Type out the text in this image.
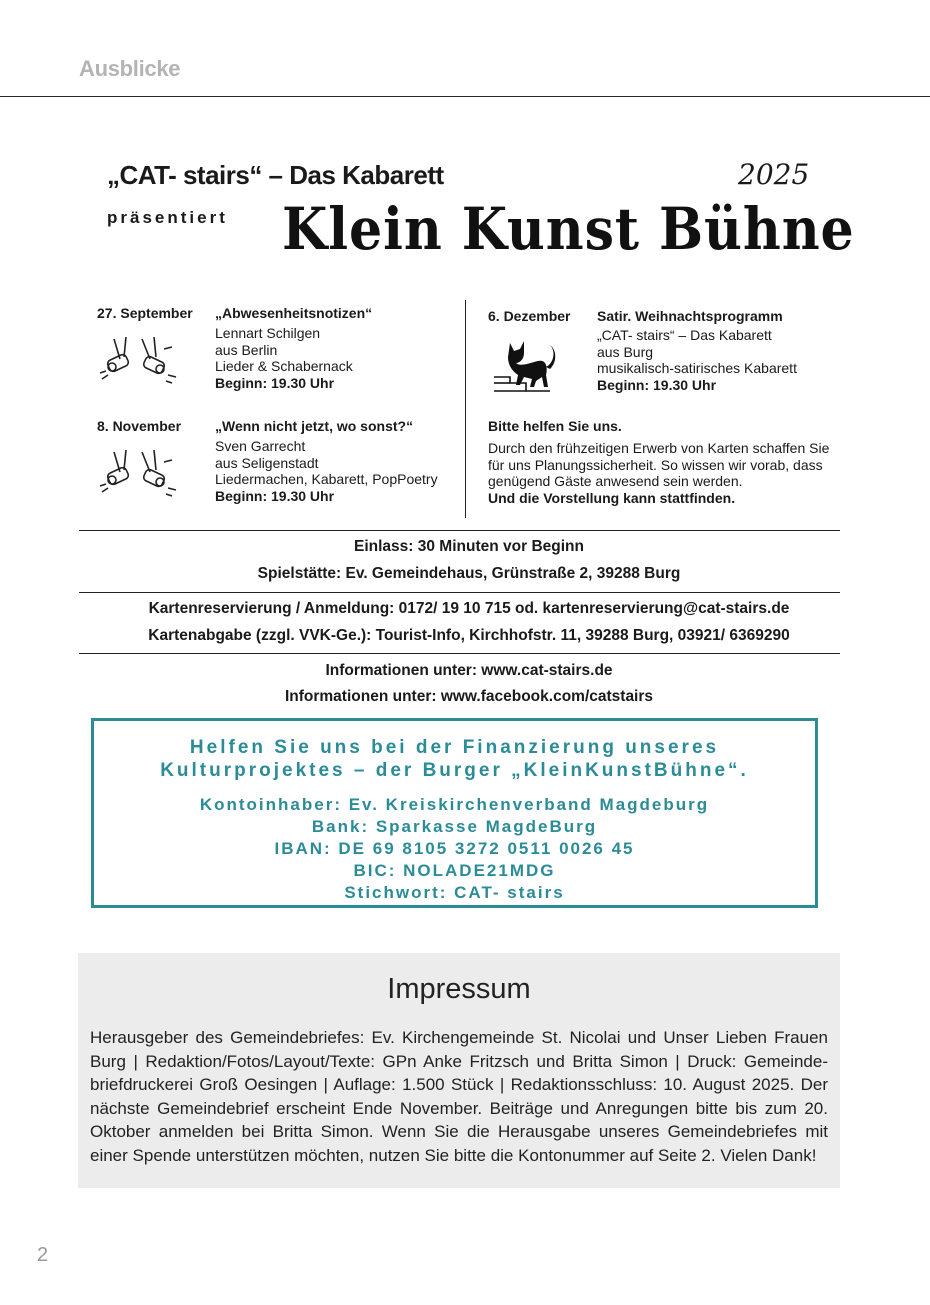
Ausblicke
„CAT- stairs“ – Das Kabarett	2025
präsentiert Klein Kunst Bühne
27. September „Abwesenheitsnotizen“
Lennart Schilgen
aus Berlin
Lieder & Schabernack
Beginn: 19.30 Uhr
8. November „Wenn nicht jetzt, wo sonst?“
Sven Garrecht
aus Seligenstadt
Liedermachen, Kabarett, PopPoetry
Beginn: 19.30 Uhr
6. Dezember Satir. Weihnachtsprogramm
„CAT- stairs“ – Das Kabarett
aus Burg
musikalisch-satirisches Kabarett
Beginn: 19.30 Uhr
Bitte helfen Sie uns.
Durch den frühzeitigen Erwerb von Karten schaffen Sie für uns Planungssicherheit. So wissen wir vorab, dass genügend Gäste anwesend sein werden.
Und die Vorstellung kann stattfinden.
Einlass: 30 Minuten vor Beginn
Spielstätte: Ev. Gemeindehaus, Grünstraße 2, 39288 Burg
Kartenreservierung / Anmeldung: 0172/ 19 10 715 od. kartenreservierung@cat-stairs.de
Kartenabgabe (zzgl. VVK-Ge.): Tourist-Info, Kirchhofstr. 11, 39288 Burg, 03921/ 6369290
Informationen unter: www.cat-stairs.de
Informationen unter: www.facebook.com/catstairs
Helfen Sie uns bei der Finanzierung unseres
Kulturprojektes – der Burger „KleinKunstBühne“.
Kontoinhaber: Ev. Kreiskirchenverband Magdeburg
Bank: Sparkasse MagdeBurg
IBAN: DE 69 8105 3272 0511 0026 45
BIC: NOLADE21MDG
Stichwort: CAT- stairs
Impressum
Herausgeber des Gemeindebriefes: Ev. Kirchengemeinde St. Nicolai und Unser Lieben Frauen Burg | Redaktion/Fotos/Layout/Texte: GPn Anke Fritzsch und Britta Simon | Druck: Gemeinde-briefdruckerei Groß Oesingen | Auflage: 1.500 Stück | Redaktionsschluss: 10. August 2025. Der nächste Gemeindebrief erscheint Ende November. Beiträge und Anregungen bitte bis zum 20. Oktober anmelden bei Britta Simon. Wenn Sie die Herausgabe unseres Gemeindebriefes mit einer Spende unterstützen möchten, nutzen Sie bitte die Kontonummer auf Seite 2. Vielen Dank!
2
